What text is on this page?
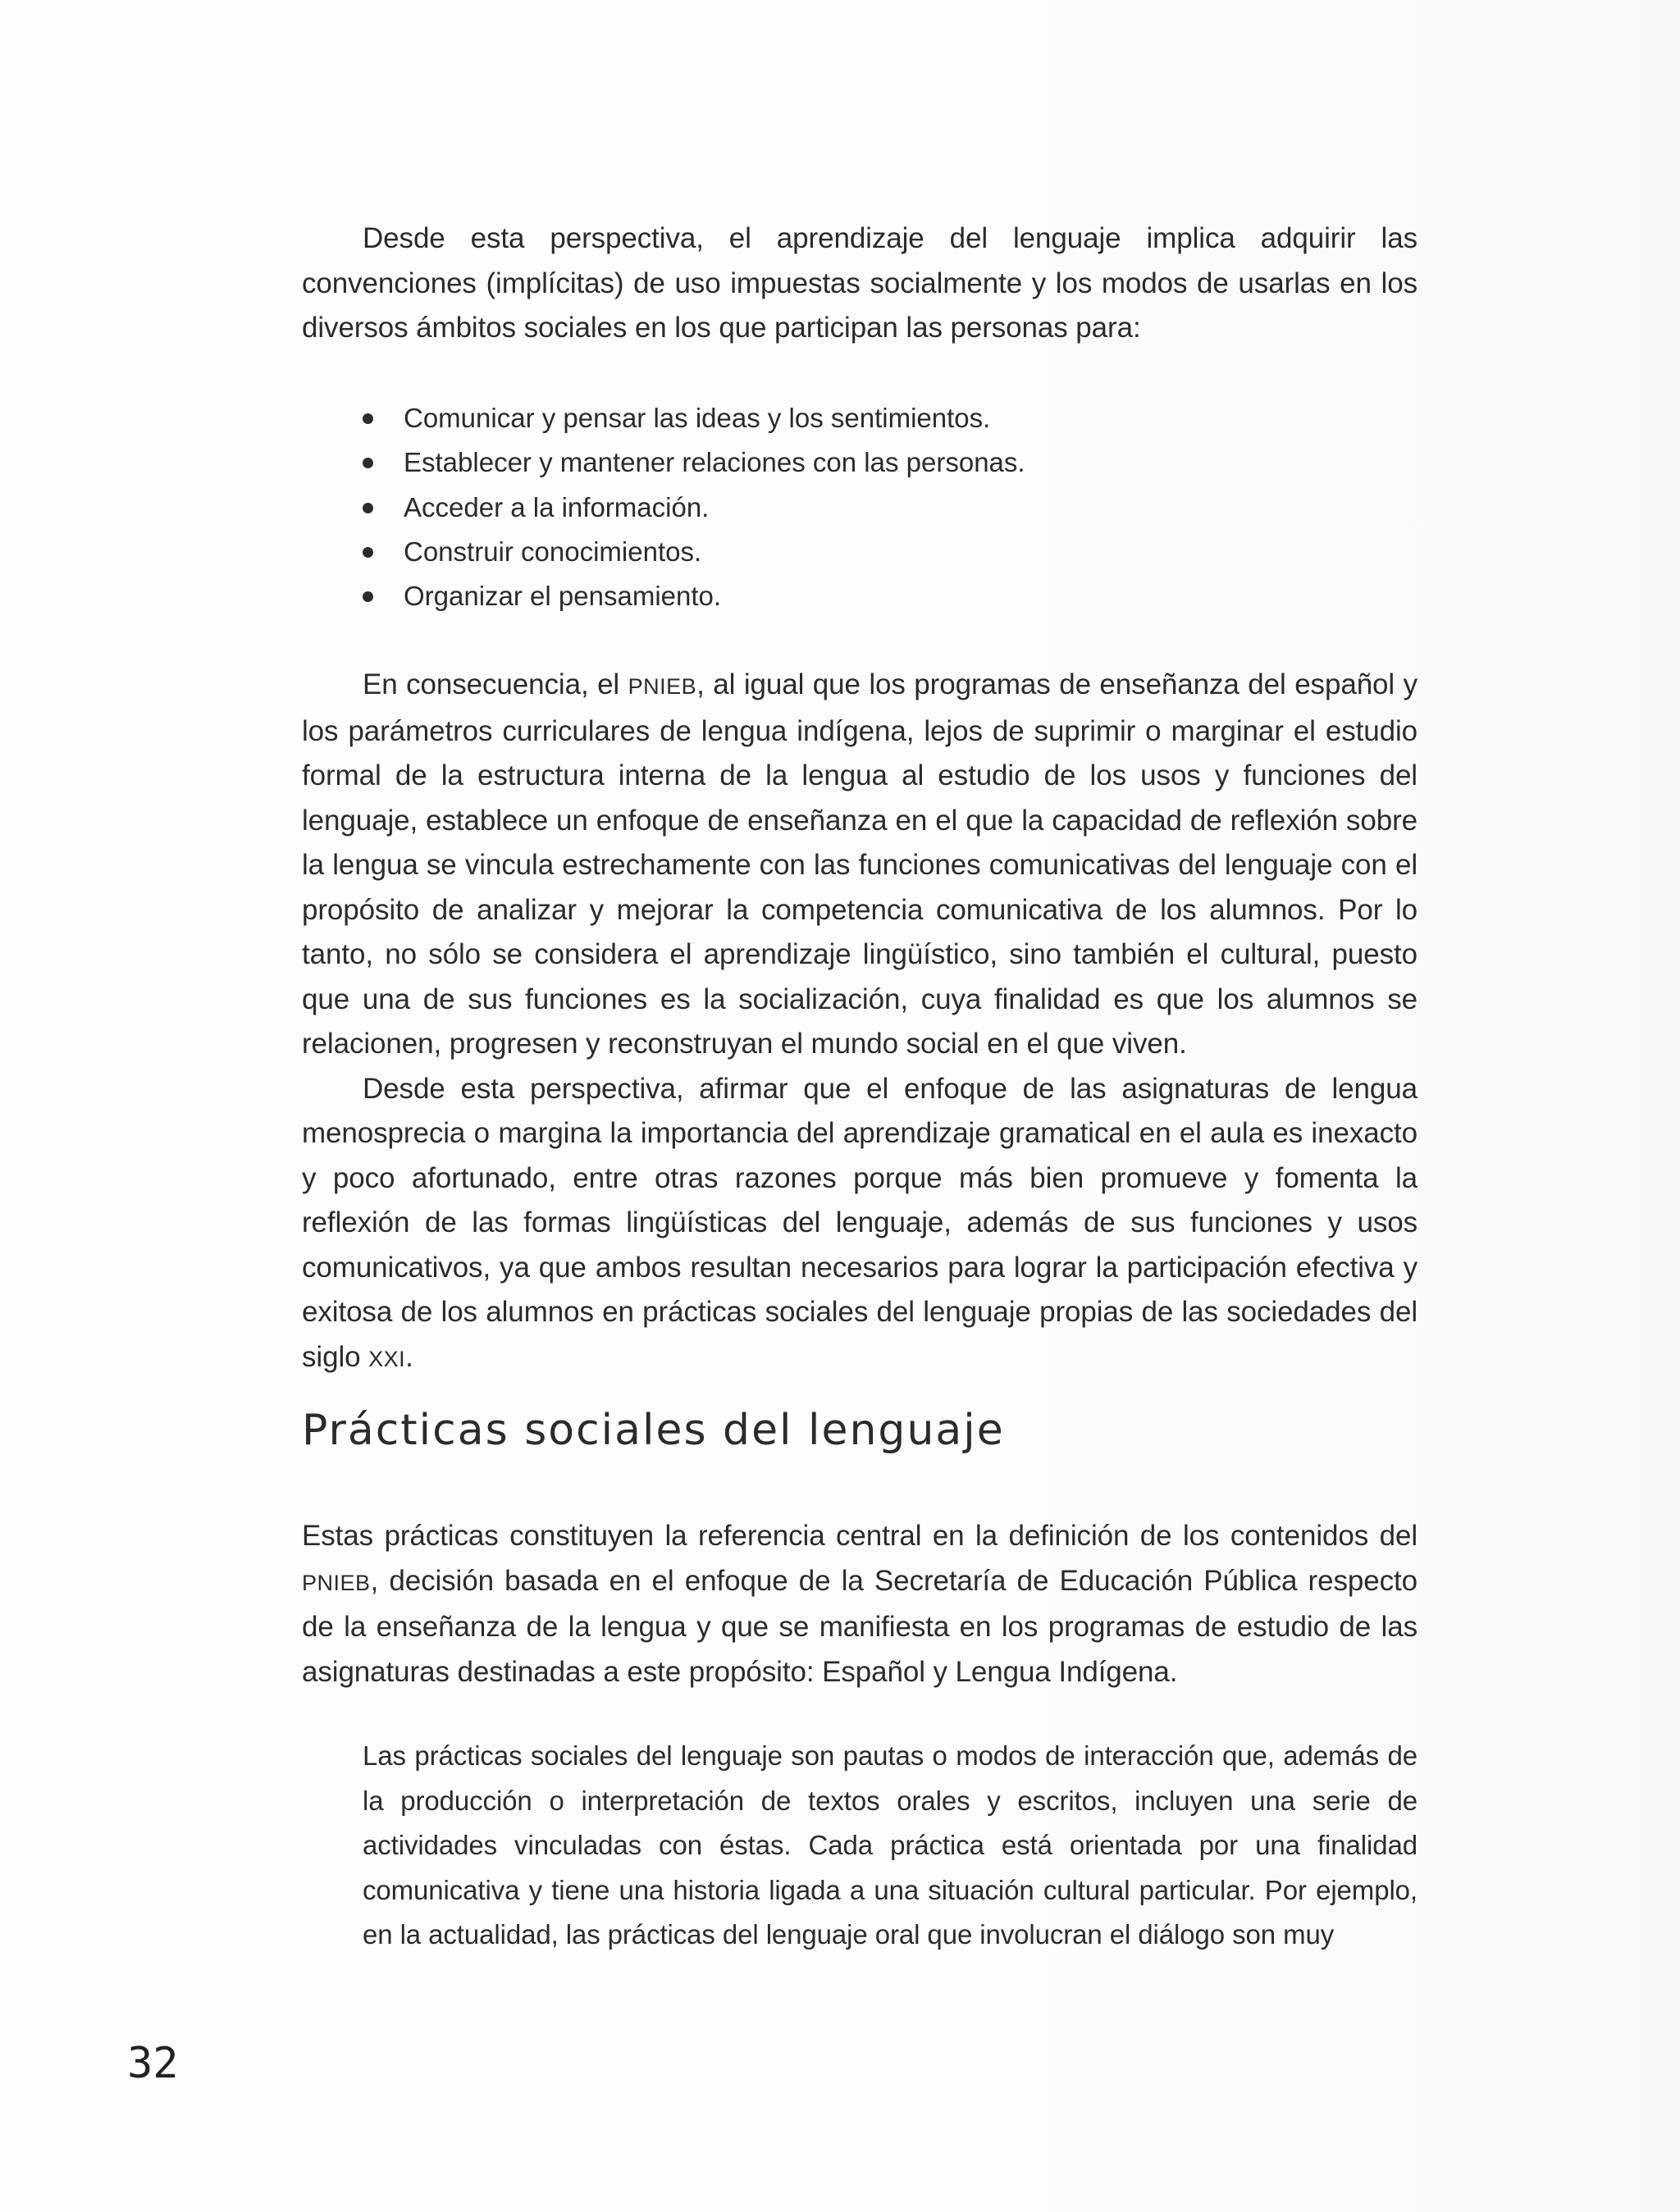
Desde esta perspectiva, el aprendizaje del lenguaje implica adquirir las convenciones (implícitas) de uso impuestas socialmente y los modos de usarlas en los diversos ámbitos sociales en los que participan las personas para:

Comunicar y pensar las ideas y los sentimientos.
Establecer y mantener relaciones con las personas.
Acceder a la información.
Construir conocimientos.
Organizar el pensamiento.

En consecuencia, el PNIEB, al igual que los programas de enseñanza del español y los parámetros curriculares de lengua indígena, lejos de suprimir o marginar el estudio formal de la estructura interna de la lengua al estudio de los usos y funciones del lenguaje, establece un enfoque de enseñanza en el que la capacidad de reflexión sobre la lengua se vincula estrechamente con las funciones comunicativas del lenguaje con el propósito de analizar y mejorar la competencia comunicativa de los alumnos. Por lo tanto, no sólo se considera el aprendizaje lingüístico, sino también el cultural, puesto que una de sus funciones es la socialización, cuya finalidad es que los alumnos se relacionen, progresen y reconstruyan el mundo social en el que viven.

Desde esta perspectiva, afirmar que el enfoque de las asignaturas de lengua menosprecia o margina la importancia del aprendizaje gramatical en el aula es inexacto y poco afortunado, entre otras razones porque más bien promueve y fomenta la reflexión de las formas lingüísticas del lenguaje, además de sus funciones y usos comunicativos, ya que ambos resultan necesarios para lograr la participación efectiva y exitosa de los alumnos en prácticas sociales del lenguaje propias de las sociedades del siglo XXI.

Prácticas sociales del lenguaje

Estas prácticas constituyen la referencia central en la definición de los contenidos del PNIEB, decisión basada en el enfoque de la Secretaría de Educación Pública respecto de la enseñanza de la lengua y que se manifiesta en los programas de estudio de las asignaturas destinadas a este propósito: Español y Lengua Indígena.

Las prácticas sociales del lenguaje son pautas o modos de interacción que, además de la producción o interpretación de textos orales y escritos, incluyen una serie de actividades vinculadas con éstas. Cada práctica está orientada por una finalidad comunicativa y tiene una historia ligada a una situación cultural particular. Por ejemplo, en la actualidad, las prácticas del lenguaje oral que involucran el diálogo son muy

32
